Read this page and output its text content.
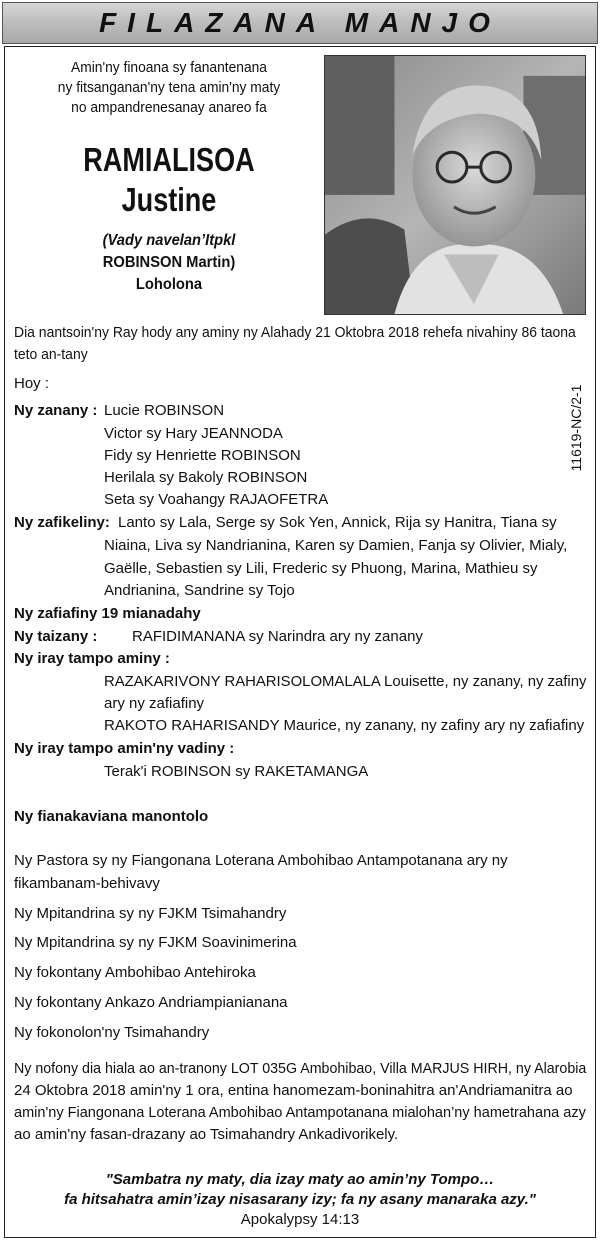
FILAZANA MANJO
Amin'ny finoana sy fanantenana
ny fitsanganan'ny tena amin'ny maty
no ampandrenesanay anareo fa
RAMIALISOA
Justine
(Vady navelan’Itpkl
ROBINSON Martin)
Loholona
11619-NC/2-1
Dia nantsoin'ny Ray hody any aminy ny Alahady 21 Oktobra 2018 rehefa nivahiny 86 taona teto an-tany
Hoy :
Ny zanany : Lucie ROBINSON
Victor sy Hary JEANNODA
Fidy sy Henriette ROBINSON
Herilala sy Bakoly ROBINSON
Seta sy Voahangy RAJAOFETRA
Ny zafikeliny: Lanto sy Lala, Serge sy Sok Yen, Annick, Rija sy Hanitra, Tiana sy
Niaina, Liva sy Nandrianina, Karen sy Damien, Fanja sy Olivier, Mialy,
Gaëlle, Sebastien sy Lili, Frederic sy Phuong, Marina, Mathieu sy
Andrianina, Sandrine sy Tojo
Ny zafiafiny 19 mianadahy
Ny taizany : RAFIDIMANANA sy Narindra ary ny zanany
Ny iray tampo aminy :
RAZAKARIVONY RAHARISOLOMALALA Louisette, ny zanany, ny zafiny
ary ny zafiafiny
RAKOTO RAHARISANDY Maurice, ny zanany, ny zafiny ary ny zafiafiny
Ny iray tampo amin'ny vadiny :
Terak'i ROBINSON sy RAKETAMANGA
Ny fianakaviana manontolo
Ny Pastora sy ny Fiangonana Loterana Ambohibao Antampotanana ary ny
fikambanam-behivavy
Ny Mpitandrina sy ny FJKM Tsimahandry
Ny Mpitandrina sy ny FJKM Soavinimerina
Ny fokontany Ambohibao Antehiroka
Ny fokontany Ankazo Andriampianianana
Ny fokonolon'ny Tsimahandry
Ny nofony dia hiala ao an-tranony LOT 035G Ambohibao, Villa MARJUS HIRH, ny Alarobia
24 Oktobra 2018 amin'ny 1 ora, entina hanomezam-boninahitra an'Andriamanitra ao
amin'ny Fiangonana Loterana Ambohibao Antampotanana mialohan’ny hametrahana azy
ao amin'ny fasan-drazany ao Tsimahandry Ankadivorikely.
"Sambatra ny maty, dia izay maty ao amin’ny Tompo…
fa hitsahatra amin’izay nisasarany izy; fa ny asany manaraka azy."
Apokalypsy 14:13
